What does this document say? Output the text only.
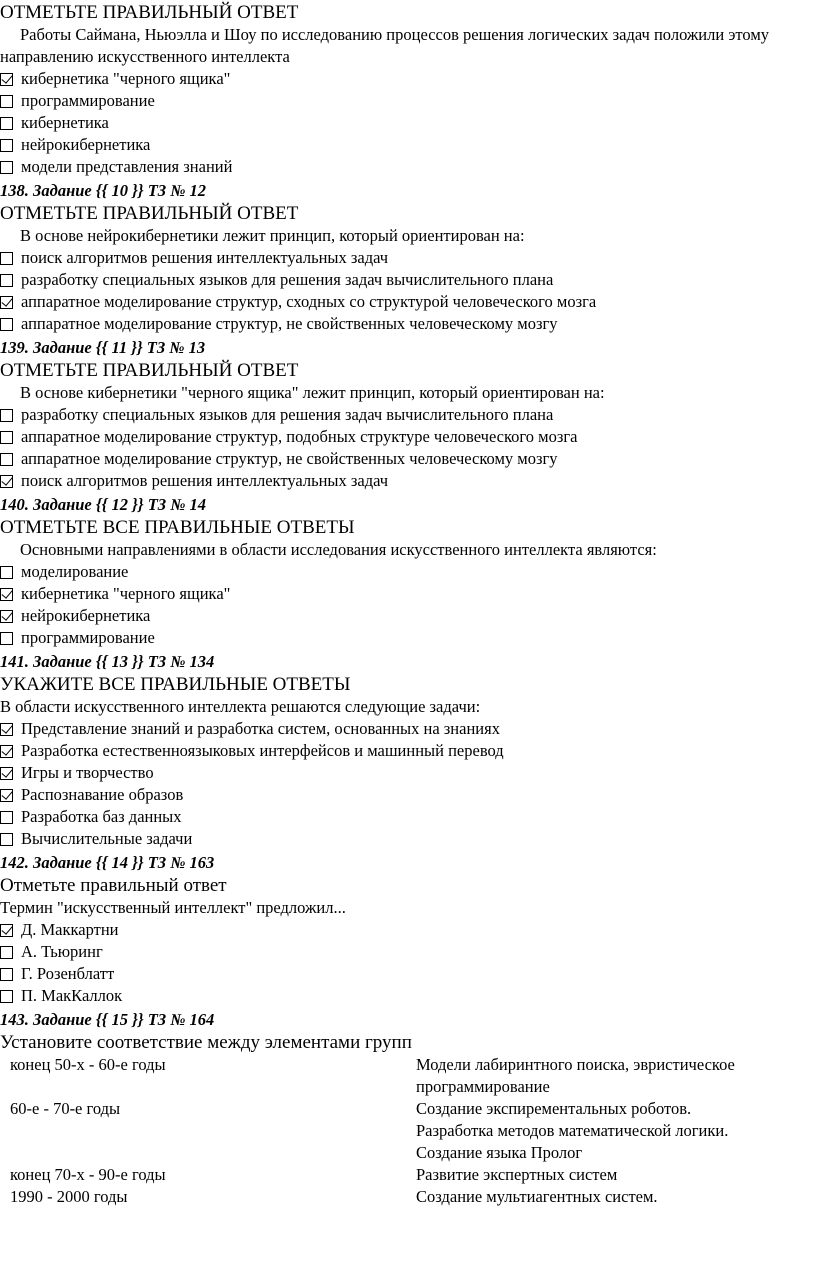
ОТМЕТЬТЕ ПРАВИЛЬНЫЙ ОТВЕТ
Работы Саймана, Ньюэлла и Шоу по исследованию процессов решения логических задач положили этому направлению искусственного интеллекта
кибернетика "черного ящика"
программирование
кибернетика
нейрокибернетика
модели представления знаний
138. Задание {{ 10 }} ТЗ № 12
ОТМЕТЬТЕ ПРАВИЛЬНЫЙ ОТВЕТ
В основе нейрокибернетики лежит принцип, который ориентирован на:
поиск алгоритмов решения интеллектуальных задач
разработку специальных языков для решения задач вычислительного плана
аппаратное моделирование структур, сходных со структурой человеческого мозга
аппаратное моделирование структур, не свойственных человеческому мозгу
139. Задание {{ 11 }} ТЗ № 13
ОТМЕТЬТЕ ПРАВИЛЬНЫЙ ОТВЕТ
В основе кибернетики "черного ящика" лежит принцип, который ориентирован на:
разработку специальных языков для решения задач вычислительного плана
аппаратное моделирование структур, подобных структуре человеческого мозга
аппаратное моделирование структур, не свойственных человеческому мозгу
поиск алгоритмов решения интеллектуальных задач
140. Задание {{ 12 }} ТЗ № 14
ОТМЕТЬТЕ ВСЕ ПРАВИЛЬНЫЕ ОТВЕТЫ
Основными направлениями в области исследования искусственного интеллекта являются:
моделирование
кибернетика "черного ящика"
нейрокибернетика
программирование
141. Задание {{ 13 }} ТЗ № 134
УКАЖИТЕ ВСЕ ПРАВИЛЬНЫЕ ОТВЕТЫ
В области искусственного интеллекта решаются следующие задачи:
Представление знаний и разработка систем, основанных на знаниях
Разработка естественноязыковых интерфейсов и машинный перевод
Игры и творчество
Распознавание образов
Разработка баз данных
Вычислительные задачи
142. Задание {{ 14 }} ТЗ № 163
Отметьте правильный ответ
Термин "искусственный интеллект" предложил...
Д. Маккартни
А. Тьюринг
Г. Розенблатт
П. МакКаллок
143. Задание {{ 15 }} ТЗ № 164
Установите соответствие между элементами групп
конец 50-х - 60-е годы	Модели лабиринтного поиска, эвристическое программирование
60-е - 70-е годы	Создание экспирементальных роботов.
Разработка методов математической логики.
Создание языка Пролог
конец 70-х - 90-е годы	Развитие экспертных систем
1990 - 2000 годы	Создание мультиагентных систем.
